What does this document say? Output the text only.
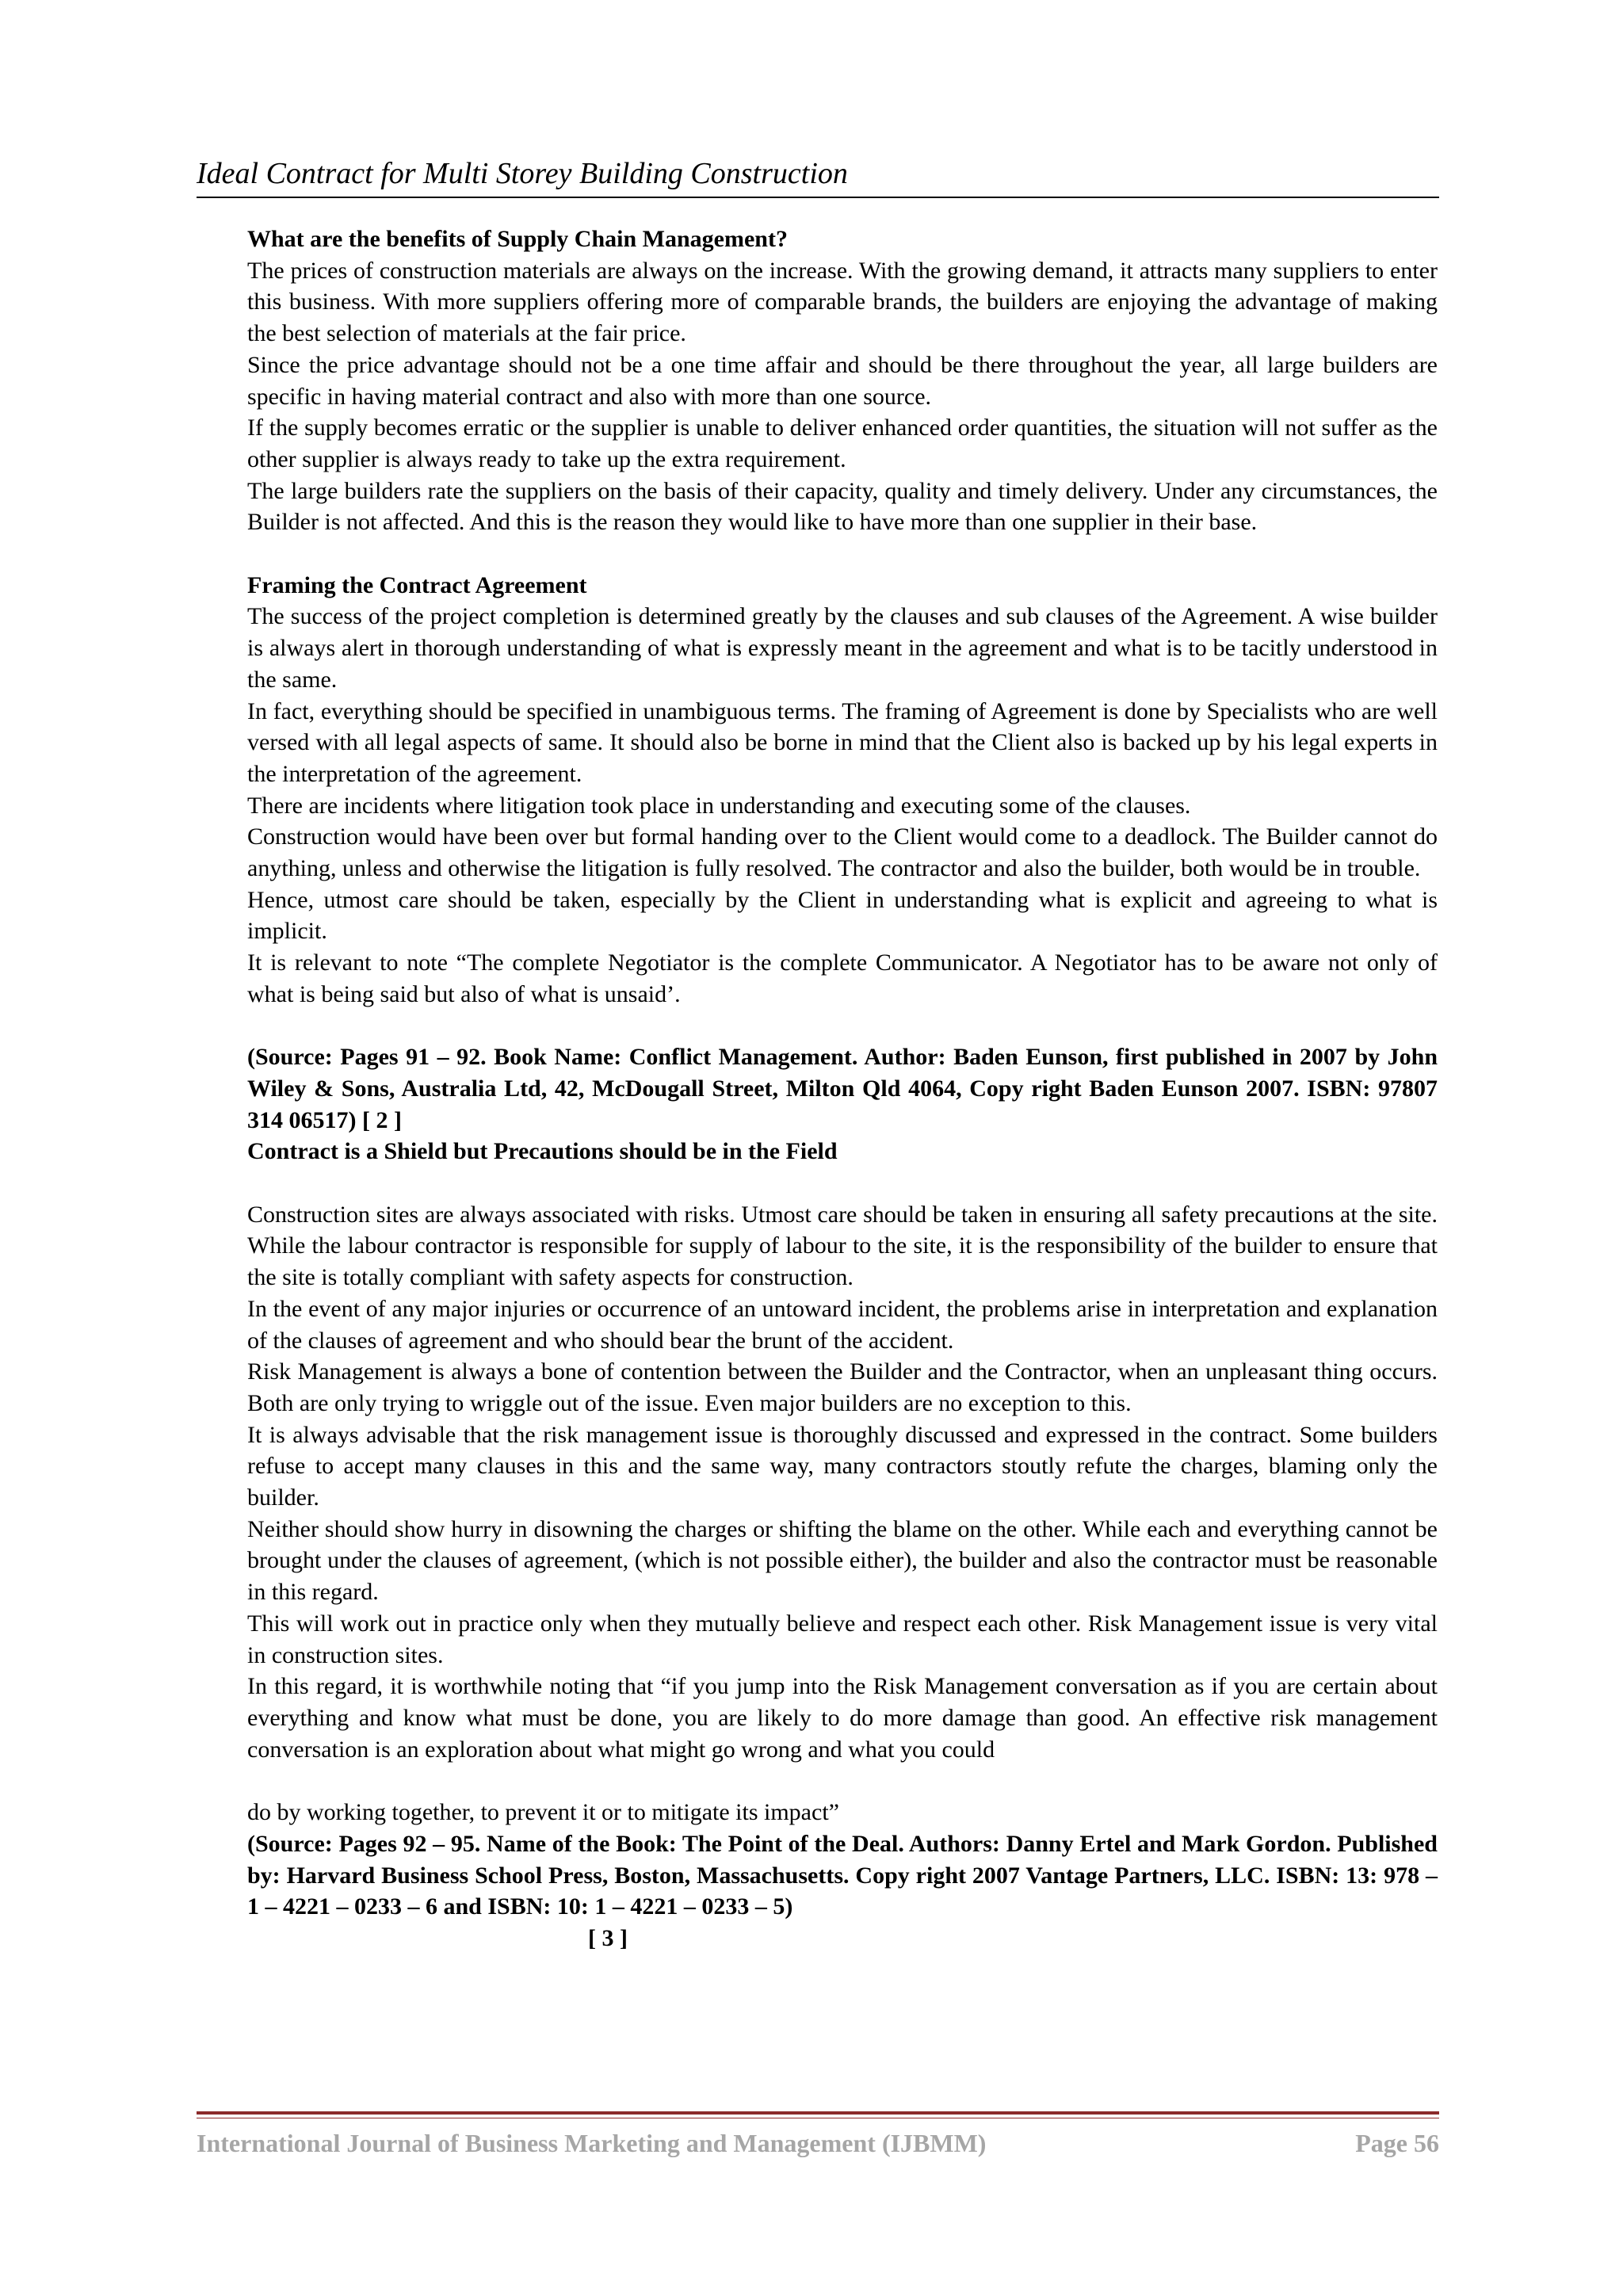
Ideal Contract for Multi Storey Building Construction

What are the benefits of Supply Chain Management?

The prices of construction materials are always on the increase. With the growing demand, it attracts many suppliers to enter this business. With more suppliers offering more of comparable brands, the builders are enjoying the advantage of making the best selection of materials at the fair price.

Since the price advantage should not be a one time affair and should be there throughout the year, all large builders are specific in having material contract and also with more than one source.

If the supply becomes erratic or the supplier is unable to deliver enhanced order quantities, the situation will not suffer as the other supplier is always ready to take up the extra requirement.

The large builders rate the suppliers on the basis of their capacity, quality and timely delivery. Under any circumstances, the Builder is not affected. And this is the reason they would like to have more than one supplier in their base.

Framing the Contract Agreement

The success of the project completion is determined greatly by the clauses and sub clauses of the Agreement. A wise builder is always alert in thorough understanding of what is expressly meant in the agreement and what is to be tacitly understood in the same.

In fact, everything should be specified in unambiguous terms. The framing of Agreement is done by Specialists who are well versed with all legal aspects of same. It should also be borne in mind that the Client also is backed up by his legal experts in the interpretation of the agreement.

There are incidents where litigation took place in understanding and executing some of the clauses.

Construction would have been over but formal handing over to the Client would come to a deadlock. The Builder cannot do anything, unless and otherwise the litigation is fully resolved. The contractor and also the builder, both would be in trouble.

Hence, utmost care should be taken, especially by the Client in understanding what is explicit and agreeing to what is implicit.

It is relevant to note “The complete Negotiator is the complete Communicator. A Negotiator has to be aware not only of what is being said but also of what is unsaid’.

(Source: Pages 91 – 92. Book Name: Conflict Management. Author: Baden Eunson, first published in 2007 by John Wiley & Sons, Australia Ltd, 42, McDougall Street, Milton Qld 4064, Copy right Baden Eunson 2007. ISBN: 97807 314 06517) [ 2 ]

Contract is a Shield but Precautions should be in the Field

Construction sites are always associated with risks. Utmost care should be taken in ensuring all safety precautions at the site. While the labour contractor is responsible for supply of labour to the site, it is the responsibility of the builder to ensure that the site is totally compliant with safety aspects for construction.

In the event of any major injuries or occurrence of an untoward incident, the problems arise in interpretation and explanation of the clauses of agreement and who should bear the brunt of the accident.

Risk Management is always a bone of contention between the Builder and the Contractor, when an unpleasant thing occurs. Both are only trying to wriggle out of the issue. Even major builders are no exception to this.

It is always advisable that the risk management issue is thoroughly discussed and expressed in the contract. Some builders refuse to accept many clauses in this and the same way, many contractors stoutly refute the charges, blaming only the builder.

Neither should show hurry in disowning the charges or shifting the blame on the other. While each and everything cannot be brought under the clauses of agreement, (which is not possible either), the builder and also the contractor must be reasonable in this regard.

This will work out in practice only when they mutually believe and respect each other. Risk Management issue is very vital in construction sites.

In this regard, it is worthwhile noting that “if you jump into the Risk Management conversation as if you are certain about everything and know what must be done, you are likely to do more damage than good. An effective risk management conversation is an exploration about what might go wrong and what you could

do by working together, to prevent it or to mitigate its impact”

(Source: Pages 92 – 95. Name of the Book: The Point of the Deal. Authors: Danny Ertel and Mark Gordon. Published by: Harvard Business School Press, Boston, Massachusetts. Copy right 2007 Vantage Partners, LLC. ISBN: 13: 978 – 1 – 4221 – 0233 – 6 and ISBN: 10: 1 – 4221 – 0233 – 5)

[ 3 ]

International Journal of Business Marketing and Management (IJBMM)	Page 56
